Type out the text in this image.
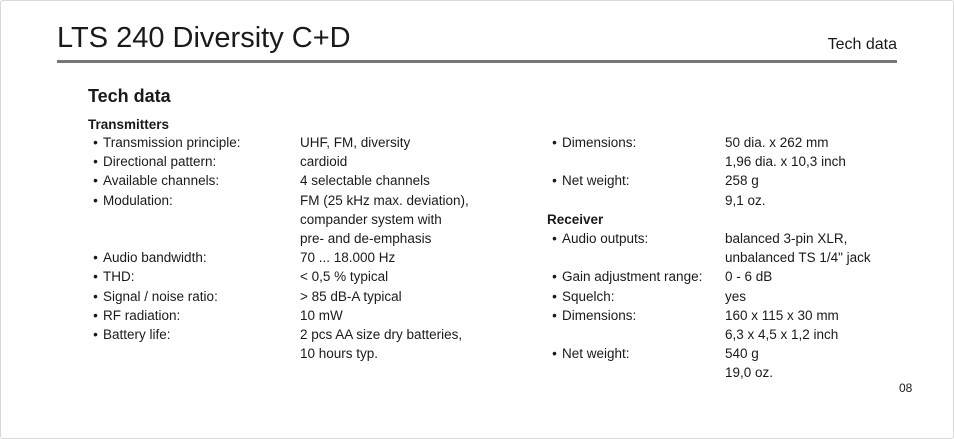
LTS 240 Diversity C+D	Tech data
Tech data
Transmitters
• Transmission principle:	UHF, FM, diversity
• Directional pattern:	cardioid
• Available channels:	4 selectable channels
• Modulation:	FM (25 kHz max. deviation),
compander system with
pre- and de-emphasis
• Audio bandwidth:	70 ... 18.000 Hz
• THD:	< 0,5 % typical
• Signal / noise ratio:	> 85 dB-A typical
• RF radiation:	10 mW
• Battery life:	2 pcs AA size dry batteries,
10 hours typ.
• Dimensions:	50 dia. x 262 mm
1,96 dia. x 10,3 inch
• Net weight:	258 g
9,1 oz.
Receiver
• Audio outputs:	balanced 3-pin XLR,
unbalanced TS 1/4" jack
• Gain adjustment range: 0 - 6 dB
• Squelch:	yes
• Dimensions:	160 x 115 x 30 mm
6,3 x 4,5 x 1,2 inch
• Net weight:	540 g
19,0 oz.
08
